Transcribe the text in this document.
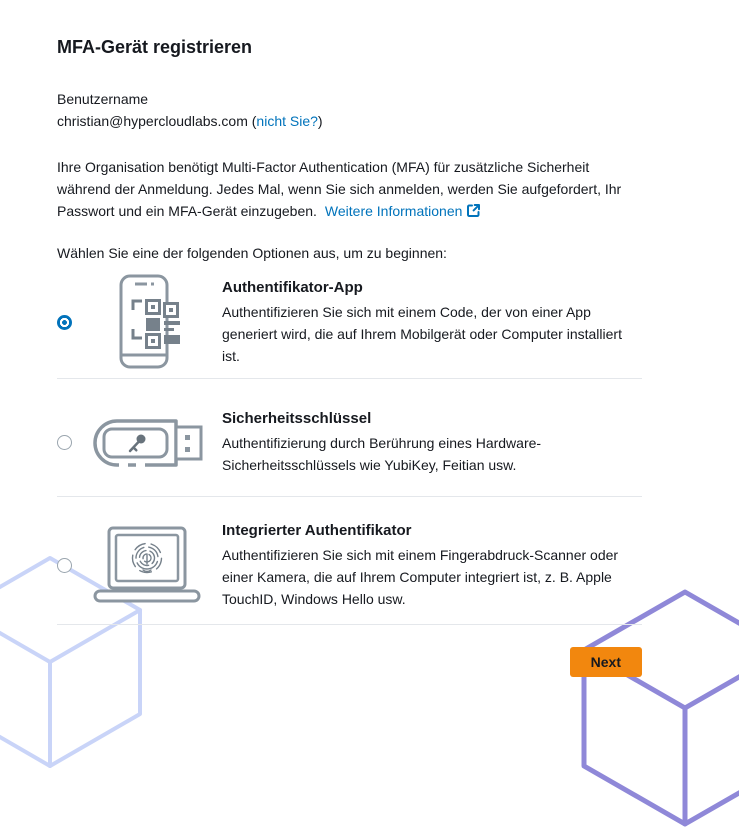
MFA-Gerät registrieren
Benutzername
christian@hypercloudlabs.com (nicht Sie?)
Ihre Organisation benötigt Multi-Factor Authentication (MFA) für zusätzliche Sicherheit während der Anmeldung. Jedes Mal, wenn Sie sich anmelden, werden Sie aufgefordert, Ihr Passwort und ein MFA-Gerät einzugeben. Weitere Informationen
Wählen Sie eine der folgenden Optionen aus, um zu beginnen:
Authentifikator-App
Authentifizieren Sie sich mit einem Code, der von einer App generiert wird, die auf Ihrem Mobilgerät oder Computer installiert ist.
Sicherheitsschlüssel
Authentifizierung durch Berührung eines Hardware-Sicherheitsschlüssels wie YubiKey, Feitian usw.
Integrierter Authentifikator
Authentifizieren Sie sich mit einem Fingerabdruck-Scanner oder einer Kamera, die auf Ihrem Computer integriert ist, z. B. Apple TouchID, Windows Hello usw.
Next
